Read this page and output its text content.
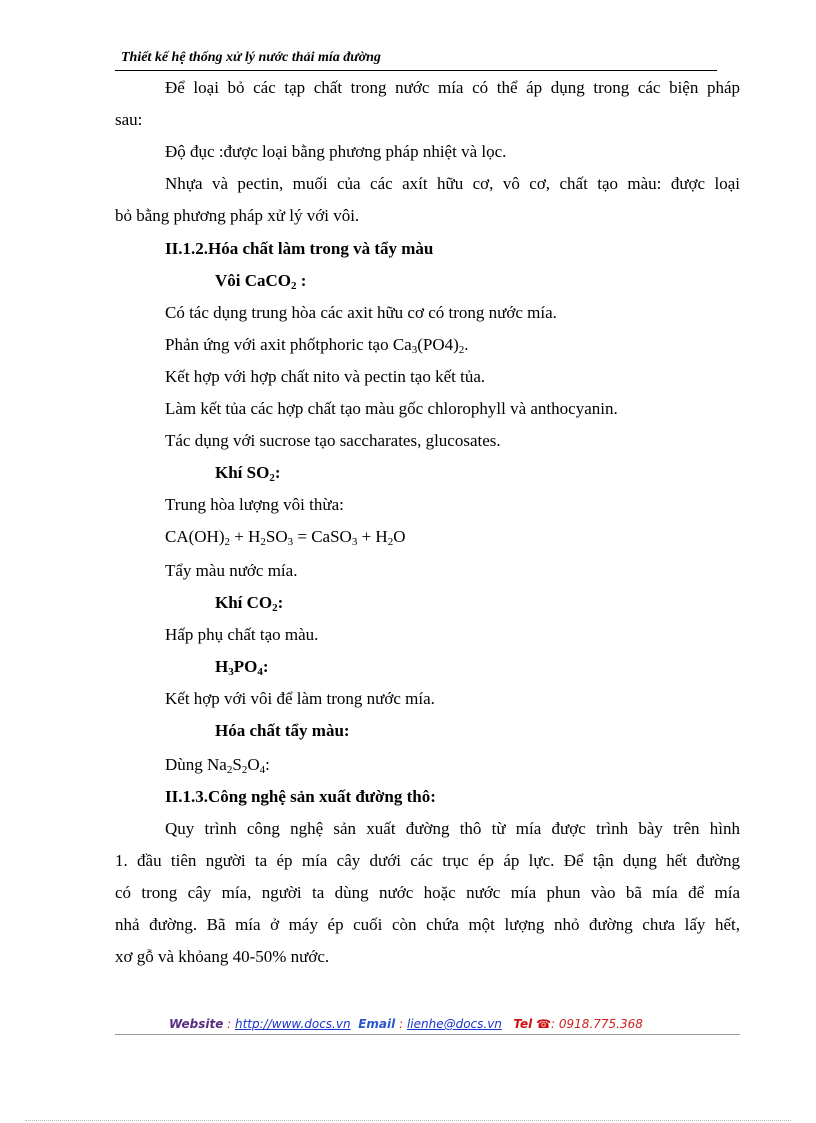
Thiết kế hệ thống xử lý nước thải mía đường
Để loại bỏ các tạp chất trong nước mía có thể áp dụng trong các biện pháp
sau:
Độ đục :được loại bằng phương pháp nhiệt và lọc.
Nhựa và pectin, muối của các axít hữu cơ, vô cơ, chất tạo màu: được loại
bỏ bằng phương pháp xử lý với vôi.
II.1.2.Hóa chất làm trong và tẩy màu
Vôi CaCO$_2$ :
Có tác dụng trung hòa các axit hữu cơ có trong nước mía.
Phản ứng với axit phốtphoric tạo $Ca_3(PO4)_2$.
Kết hợp với hợp chất nito và pectin tạo kết tủa.
Làm kết tủa các hợp chất tạo màu gốc chlorophyll và anthocyanin.
Tác dụng với sucrose tạo saccharates, glucosates.
Khí $SO_2$:
Trung hòa lượng vôi thừa:
$CA(OH)_2 + H_2SO_3$ = CaSO$_3$ + $H_2O$
Tẩy màu nước mía.
Khí $CO_2$:
Hấp phụ chất tạo màu.
$H_3PO_4$:
Kết hợp với vôi để làm trong nước mía.
Hóa chất tẩy màu:
Dùng $Na_2S_2O_4$:
II.1.3.Công nghệ sản xuất đường thô:
Quy trình công nghệ sản xuất đường thô từ mía được trình bày trên hình
1. đầu tiên người ta ép mía cây dưới các trục ép áp lực. Để tận dụng hết đường
có trong cây mía, người ta dùng nước hoặc nước mía phun vào bã mía để mía
nhả đường. Bã mía ở máy ép cuối còn chứa một lượng nhỏ đường chưa lấy hết,
xơ gỗ và khỏang 40-50% nước.
Website : http://www.docs.vn Email : lienhe@docs.vn Tel ☎: 0918.775.368
